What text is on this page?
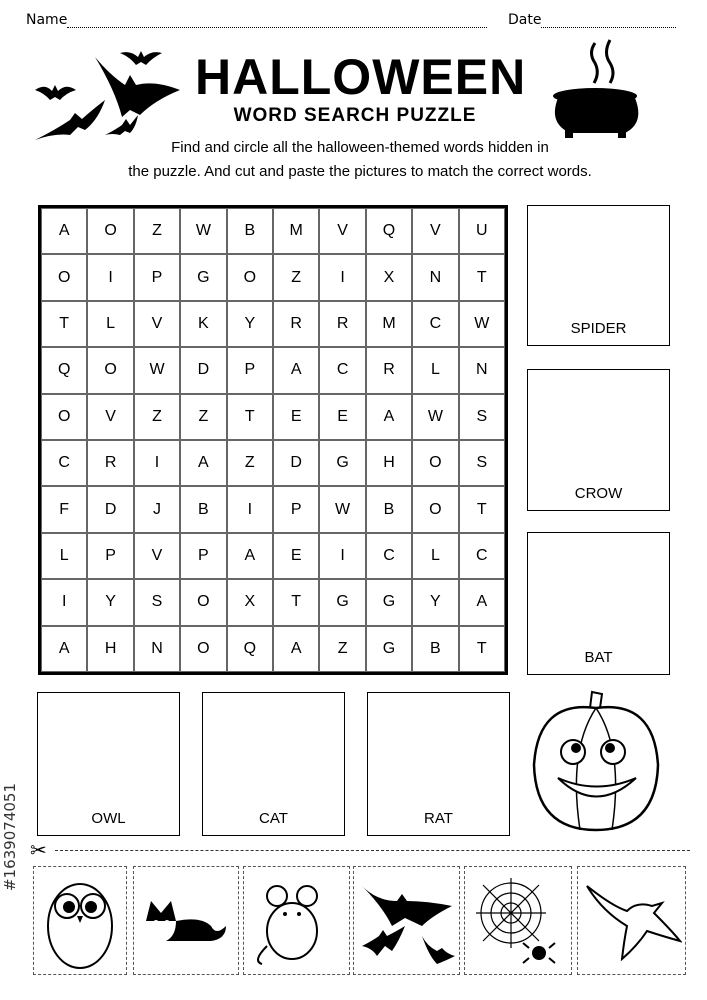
Name	Date
HALLOWEEN
WORD SEARCH PUZZLE
Find and circle all the halloween-themed words hidden in
the puzzle. And cut and paste the pictures to match the correct words.
A	O	Z	W	B	M	V	Q	V	U
O	I	P	G	O	Z	I	X	N	T
T	L	V	K	Y	R	R	M	C	W
Q	O	W	D	P	A	C	R	L	N
O	V	Z	Z	T	E	E	A	W	S
C	R	I	A	Z	D	G	H	O	S
F	D	J	B	I	P	W	B	O	T
L	P	V	P	A	E	I	C	L	C
I	Y	S	O	X	T	G	G	Y	A
A	H	N	O	Q	A	Z	G	B	T
SPIDER
CROW
BAT
OWL	CAT	RAT
#1639074051 ✂
